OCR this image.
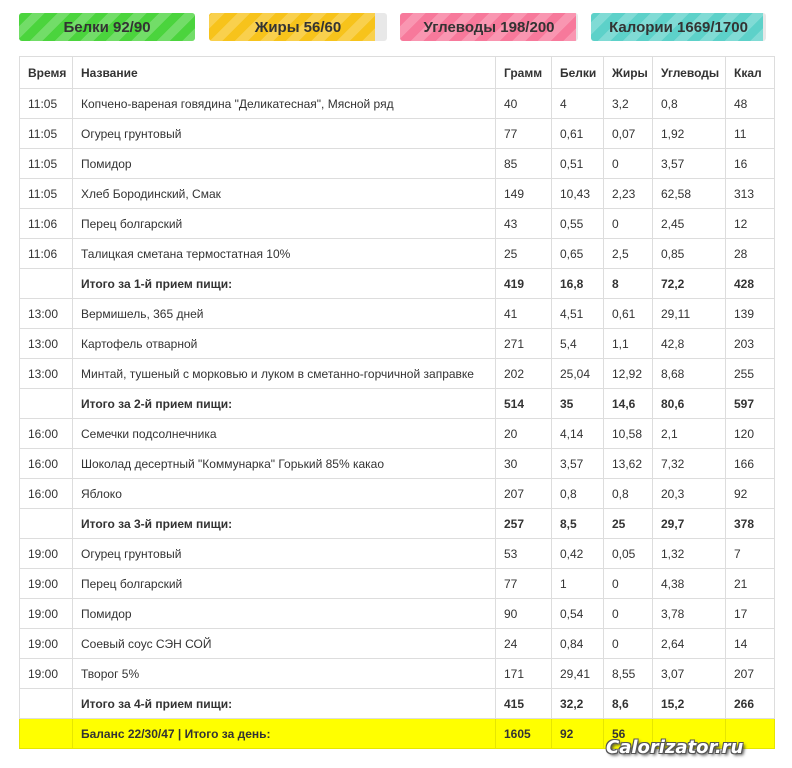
Белки 92/90	Жиры 56/60	Углеводы 198/200	Калории 1669/1700
Время	Название	Грамм	Белки	Жиры	Углеводы	Ккал
11:05	Копчено-вареная говядина "Деликатесная", Мясной ряд	40	4	3,2	0,8	48
11:05	Огурец грунтовый	77	0,61	0,07	1,92	11
11:05	Помидор	85	0,51	0	3,57	16
11:05	Хлеб Бородинский, Смак	149	10,43	2,23	62,58	313
11:06	Перец болгарский	43	0,55	0	2,45	12
11:06	Талицкая сметана термостатная 10%	25	0,65	2,5	0,85	28
	Итого за 1-й прием пищи:	419	16,8	8	72,2	428
13:00	Вермишель, 365 дней	41	4,51	0,61	29,11	139
13:00	Картофель отварной	271	5,4	1,1	42,8	203
13:00	Минтай, тушеный с морковью и луком в сметанно-горчичной заправке	202	25,04	12,92	8,68	255
	Итого за 2-й прием пищи:	514	35	14,6	80,6	597
16:00	Семечки подсолнечника	20	4,14	10,58	2,1	120
16:00	Шоколад десертный "Коммунарка" Горький 85% какао	30	3,57	13,62	7,32	166
16:00	Яблоко	207	0,8	0,8	20,3	92
	Итого за 3-й прием пищи:	257	8,5	25	29,7	378
19:00	Огурец грунтовый	53	0,42	0,05	1,32	7
19:00	Перец болгарский	77	1	0	4,38	21
19:00	Помидор	90	0,54	0	3,78	17
19:00	Соевый соус СЭН СОЙ	24	0,84	0	2,64	14
19:00	Творог 5%	171	29,41	8,55	3,07	207
	Итого за 4-й прием пищи:	415	32,2	8,6	15,2	266
	Баланс 22/30/47 | Итого за день:	1605	92	56		
Calorizator.ru
